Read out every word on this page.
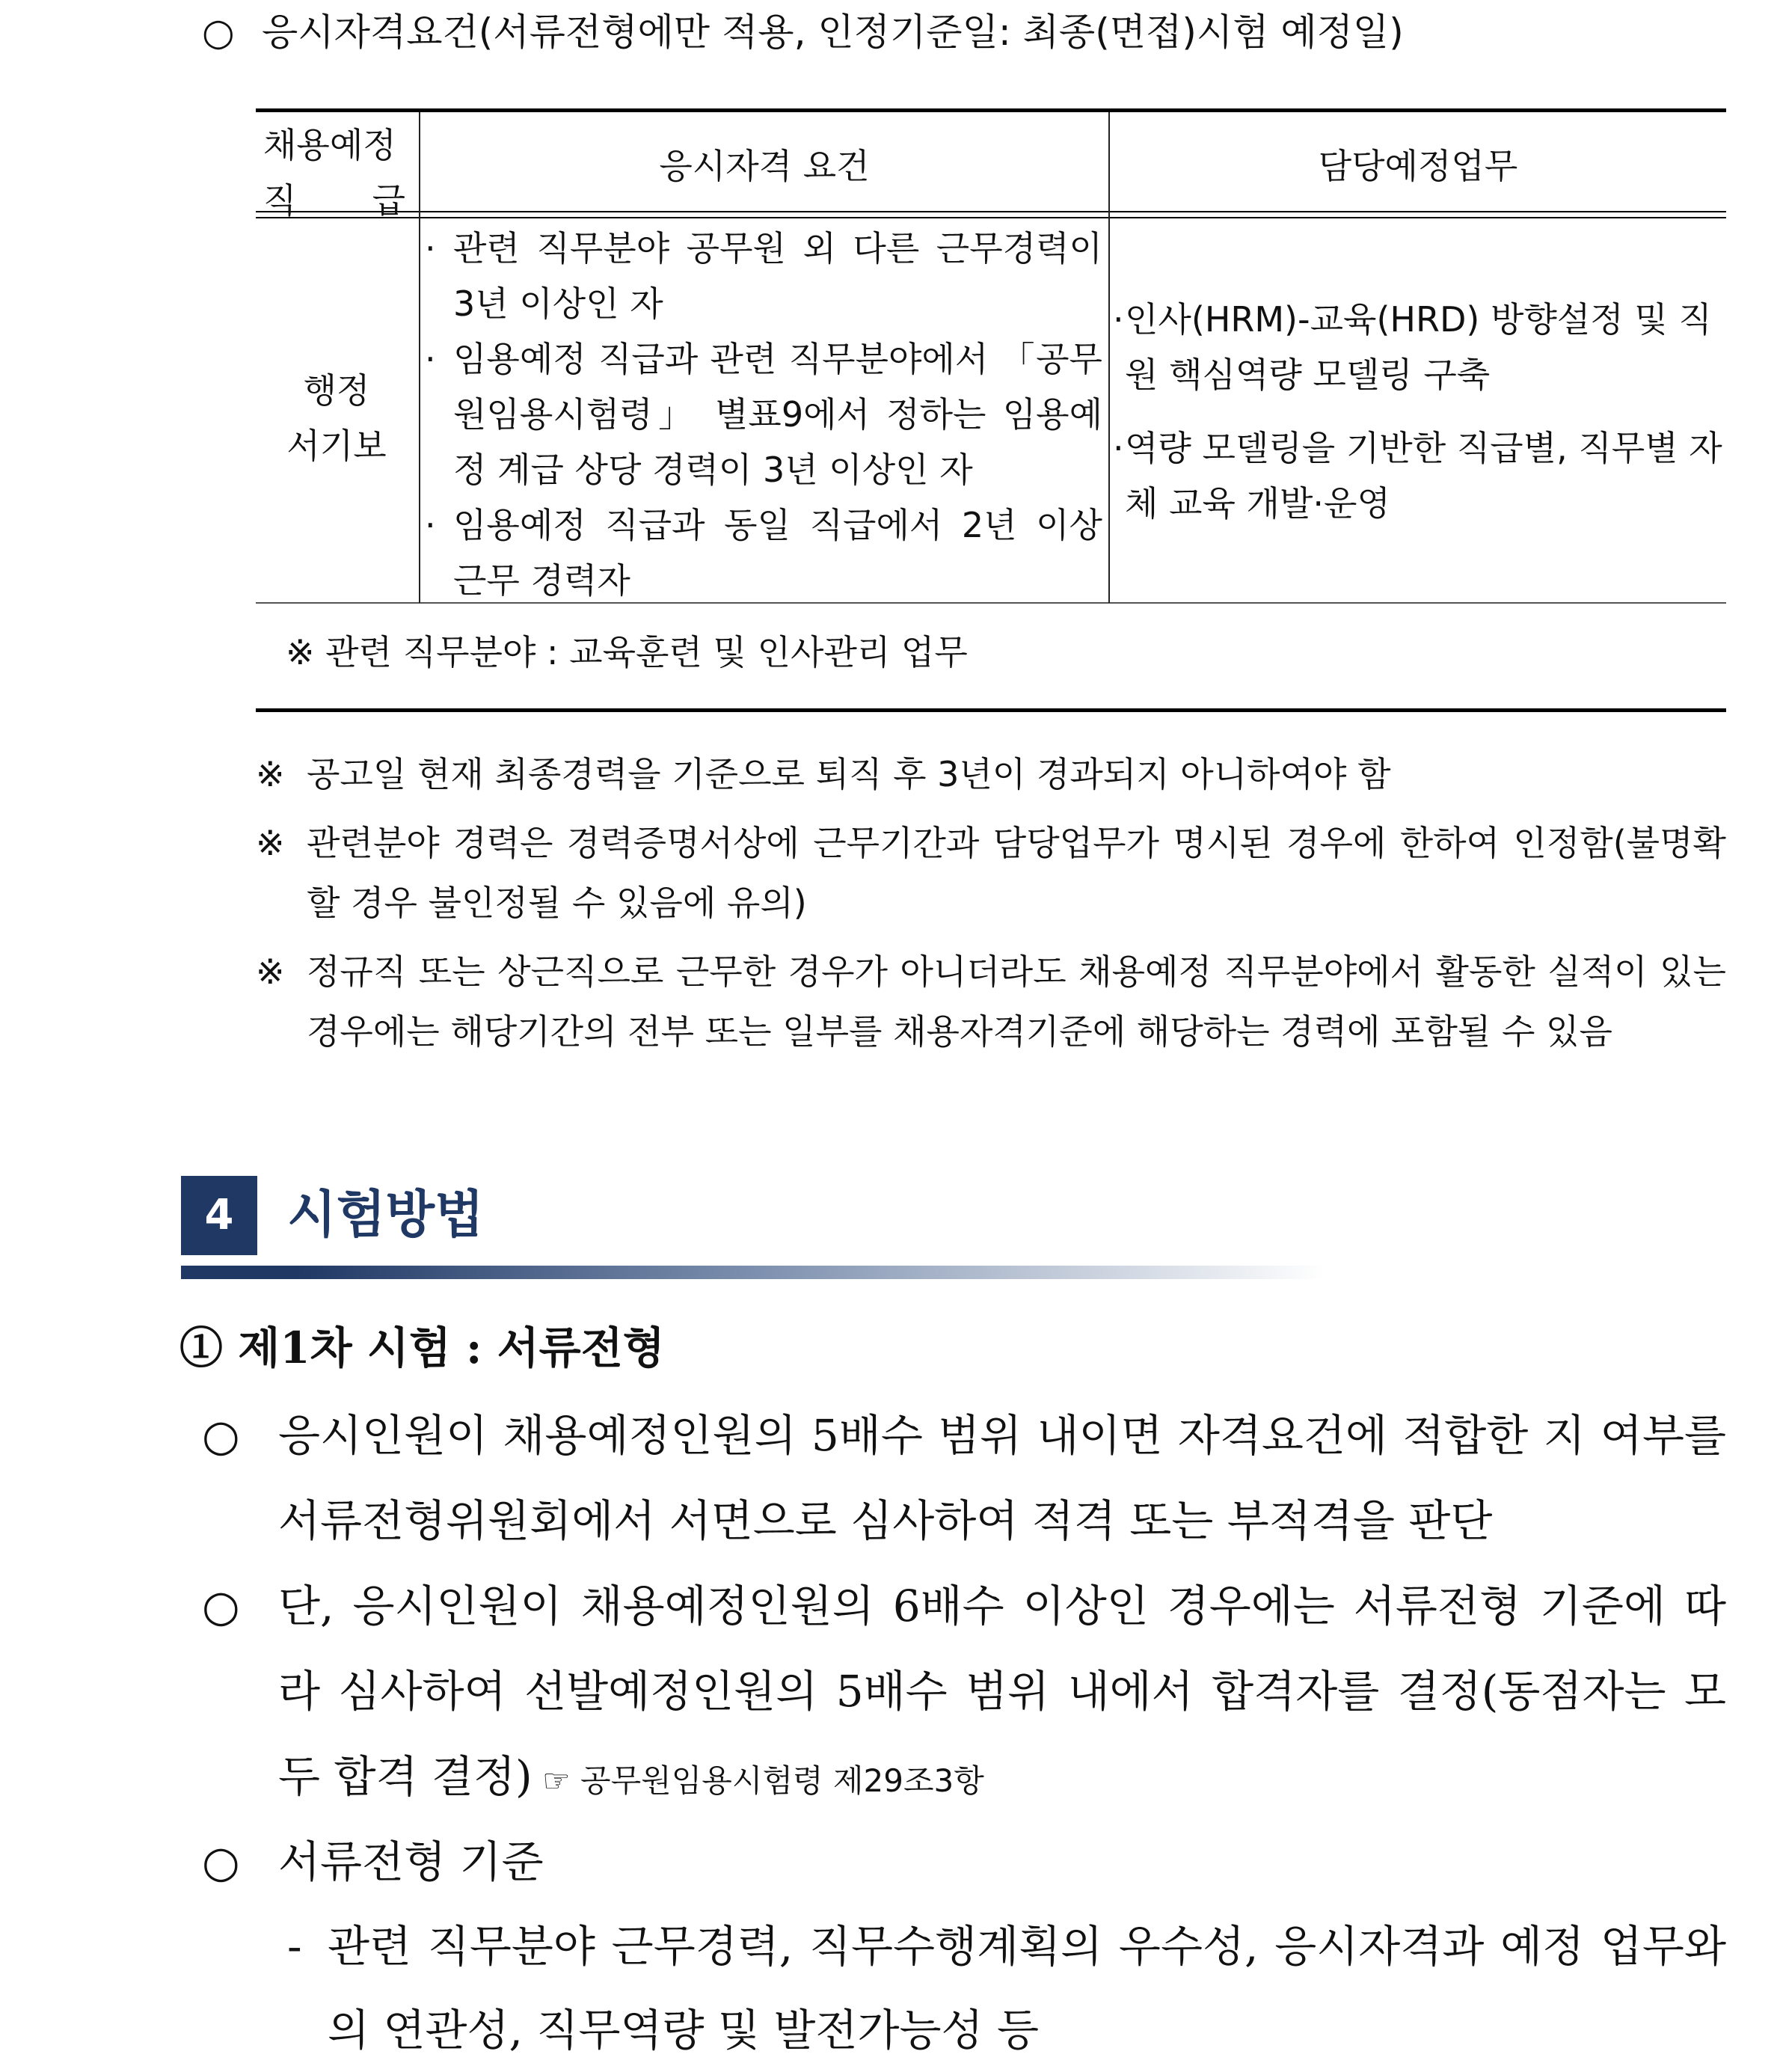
○ 응시자격요건(서류전형에만 적용, 인정기준일: 최종(면접)시험 예정일)
채용예정
직 급
응시자격 요건	담당예정업무
행정
서기보
· 관련 직무분야 공무원 외 다른 근무경력이 3년 이상인 자
· 임용예정 직급과 관련 직무분야에서 「공무원임용시험령」 별표9에서 정하는 임용예정 계급 상당 경력이 3년 이상인 자
· 임용예정 직급과 동일 직급에서 2년 이상 근무 경력자
· 인사(HRM)-교육(HRD) 방향설정 및 직원 핵심역량 모델링 구축
· 역량 모델링을 기반한 직급별, 직무별 자체 교육 개발·운영
※ 관련 직무분야 : 교육훈련 및 인사관리 업무
※ 공고일 현재 최종경력을 기준으로 퇴직 후 3년이 경과되지 아니하여야 함
※ 관련분야 경력은 경력증명서상에 근무기간과 담당업무가 명시된 경우에 한하여 인정함(불명확할 경우 불인정될 수 있음에 유의)
※ 정규직 또는 상근직으로 근무한 경우가 아니더라도 채용예정 직무분야에서 활동한 실적이 있는 경우에는 해당기간의 전부 또는 일부를 채용자격기준에 해당하는 경력에 포함될 수 있음
4	시험방법
① 제1차 시험 : 서류전형
○ 응시인원이 채용예정인원의 5배수 범위 내이면 자격요건에 적합한 지 여부를 서류전형위원회에서 서면으로 심사하여 적격 또는 부적격을 판단
○ 단, 응시인원이 채용예정인원의 6배수 이상인 경우에는 서류전형 기준에 따라 심사하여 선발예정인원의 5배수 범위 내에서 합격자를 결정(동점자는 모두 합격 결정) ☞ 공무원임용시험령 제29조3항
○ 서류전형 기준
- 관련 직무분야 근무경력, 직무수행계획의 우수성, 응시자격과 예정 업무와의 연관성, 직무역량 및 발전가능성 등
